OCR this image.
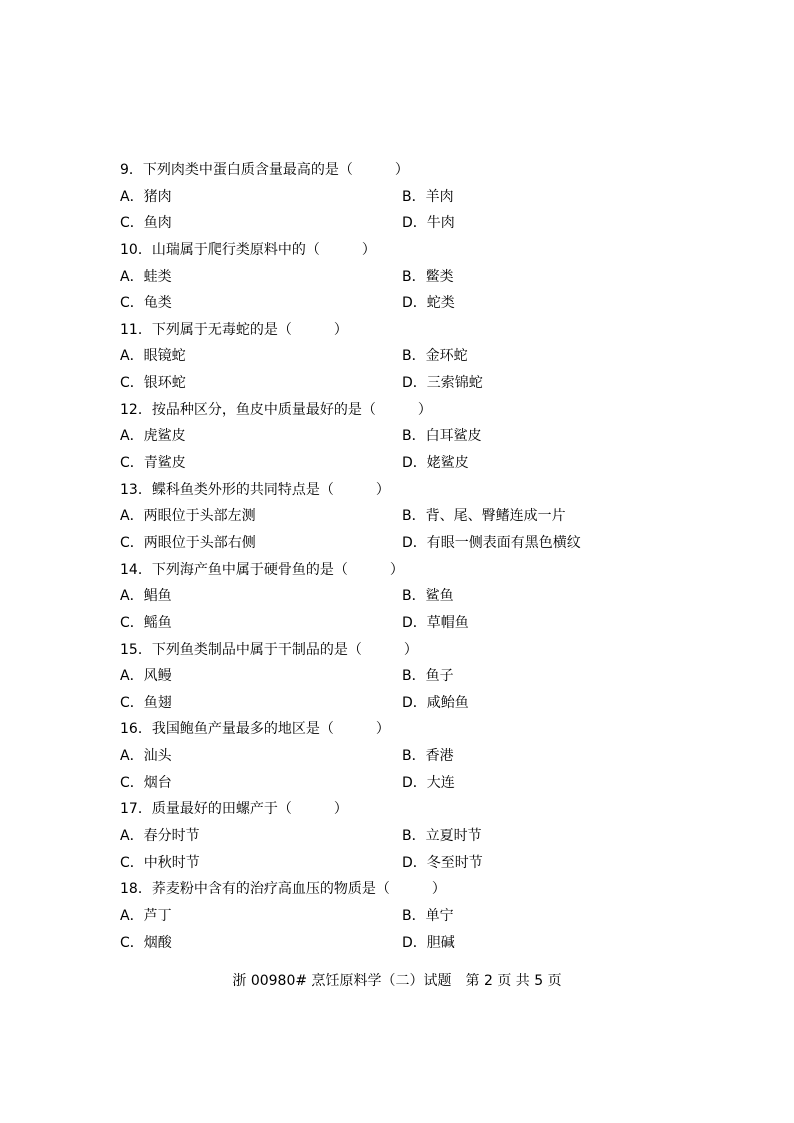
9．下列肉类中蛋白质含量最高的是（　　　）
A．猪肉	B．羊肉
C．鱼肉	D．牛肉
10．山瑞属于爬行类原料中的（　　　）
A．蛙类	B．鳖类
C．龟类	D．蛇类
11．下列属于无毒蛇的是（　　　）
A．眼镜蛇	B．金环蛇
C．银环蛇	D．三索锦蛇
12．按品种区分，鱼皮中质量最好的是（　　　）
A．虎鲨皮	B．白耳鲨皮
C．青鲨皮	D．姥鲨皮
13．鲽科鱼类外形的共同特点是（　　　）
A．两眼位于头部左测	B．背、尾、臀鳍连成一片
C．两眼位于头部右侧	D．有眼一侧表面有黑色横纹
14．下列海产鱼中属于硬骨鱼的是（　　　）
A．鲳鱼	B．鲨鱼
C．鳐鱼	D．草帽鱼
15．下列鱼类制品中属于干制品的是（　　　）
A．风鳗	B．鱼子
C．鱼翅	D．咸鲐鱼
16．我国鲍鱼产量最多的地区是（　　　）
A．汕头	B．香港
C．烟台	D．大连
17．质量最好的田螺产于（　　　）
A．春分时节	B．立夏时节
C．中秋时节	D．冬至时节
18．荞麦粉中含有的治疗高血压的物质是（　　　）
A．芦丁	B．单宁
C．烟酸	D．胆碱
浙 00980# 烹饪原料学（二）试题　第 2 页 共 5 页
